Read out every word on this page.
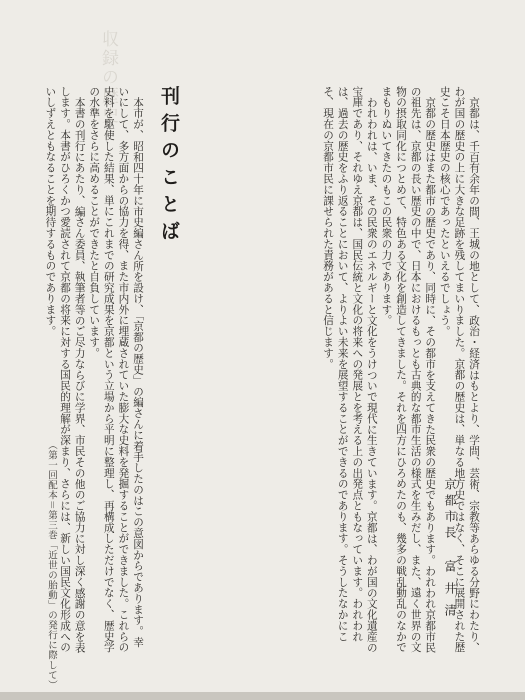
収録の歴史

京都は、千百有余年の間、王城の地として、政治・経済はもとより、学問、芸術、宗教等あらゆる分野にわたり、わが国の歴史の上に大きな足跡を残してまいりました。京都の歴史は、単なる地方史ではなく、そこに展開された歴史こそ日本歴史の核心であったといえるでしょう。

京都の歴史はまた都市の歴史であり、同時に、その都市を支えてきた民衆の歴史でもあります。われわれ京都市民の祖先は、京都の長い歴史の中で、日本におけるもっとも古典的な都市生活の様式を生みだし、また、遠く世界の文物の摂取同化につとめて、特色ある文化を創造してきました。それを四方にひろめたのも、幾多の戦乱動乱のなかでまもりぬいてきたのもこの民衆の力であります。

われわれは、いま、その民衆のエネルギーと文化をうけついで現代に生きています。京都は、わが国の文化遺産の宝庫であり、それゆえ京都は、国民伝統と文化の将来への発展とを考える上の出発点ともなっています。われわれは、過去の歴史をふり返ることにおいて、よりよい未来を展望することができるのであります。そうしたなかにこそ、現在の京都市民に課せられた責務があると信じます。

刊行のことば

本市が、昭和四十年に市史編さん所を設け、「京都の歴史」の編さんに着手したのはこの意図からであります。幸いにして、多方面からの協力を得、また市内外に埋蔵されていた膨大な史料を発掘することができました。これらの史料を駆使した結果、単にこれまでの研究成果を京都という立場から平明に整理し、再構成しただけでなく、歴史学の水準をさらに高めることができたと自負しています。

本書の刊行にあたり、編さん委員、執筆者等のご尽力ならびに学界、市民その他のご協力に対し深く感謝の意を表します。本書がひろくかつ愛読されて京都の将来に対する国民的理解が深まり、さらには、新しい国民文化形成へのいしずえともなることを期待するものであります。

京都市長富井清
（第一回配本＝第三巻「近世の胎動」の発行に際して）
